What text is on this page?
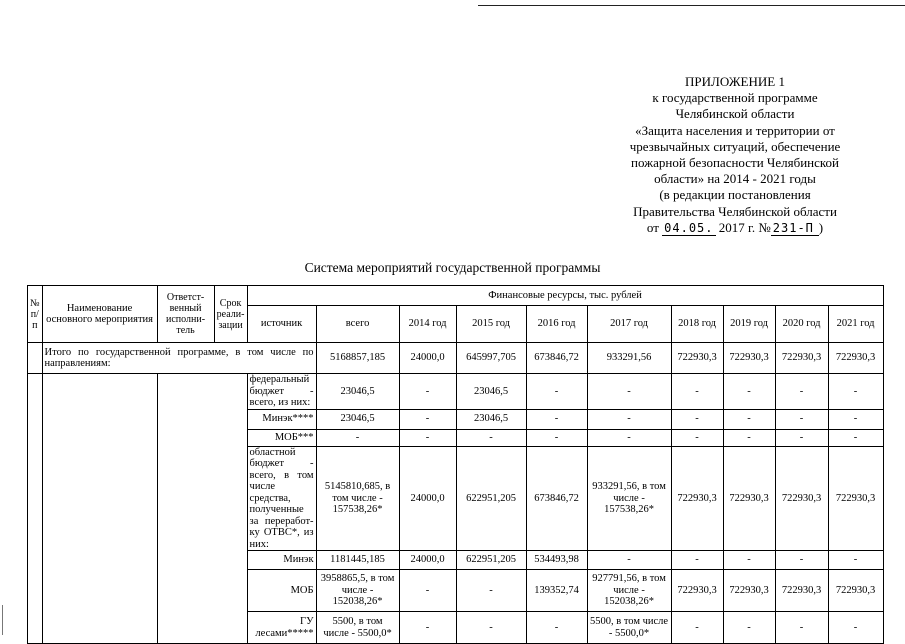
ПРИЛОЖЕНИЕ 1
к государственной программе
Челябинской области
«Защита населения и территории от
чрезвычайных ситуаций, обеспечение
пожарной безопасности Челябинской
области» на 2014 - 2021 годы
(в редакции постановления
Правительства Челябинской области
от 04.05. 2017 г. № 231-П )
Система мероприятий государственной программы
№ п/п	Наименование основного мероприятия	Ответст-венный исполни-тель	Срок реали-зации	Финансовые ресурсы, тыс. рублей									
				источник	всего	2014 год	2015 год	2016 год	2017 год	2018 год	2019 год	2020 год	2021 год
	Итого по государственной программе, в том числе по направлениям:				5168857,185	24000,0	645997,705	673846,72	933291,56	722930,3	722930,3	722930,3	722930,3
				федеральный бюджет - всего, из них:	23046,5	-	23046,5	-	-	-	-	-	-
				Минэк****	23046,5	-	23046,5	-	-	-	-	-	-
				МОБ***	-	-	-	-	-	-	-	-	-
				областной бюджет - всего, в том числе средства, полученные за переработ-ку ОТВС*, из них:	5145810,685, в том числе - 157538,26*	24000,0	622951,205	673846,72	933291,56, в том числе - 157538,26*	722930,3	722930,3	722930,3	722930,3
				Минэк	1181445,185	24000,0	622951,205	534493,98	-	-	-	-	-
				МОБ	3958865,5, в том числе - 152038,26*	-	-	139352,74	927791,56, в том числе - 152038,26*	722930,3	722930,3	722930,3	722930,3
				ГУ лесами*****	5500, в том числе - 5500,0*	-	-	-	5500, в том числе - 5500,0*	-	-	-	-
